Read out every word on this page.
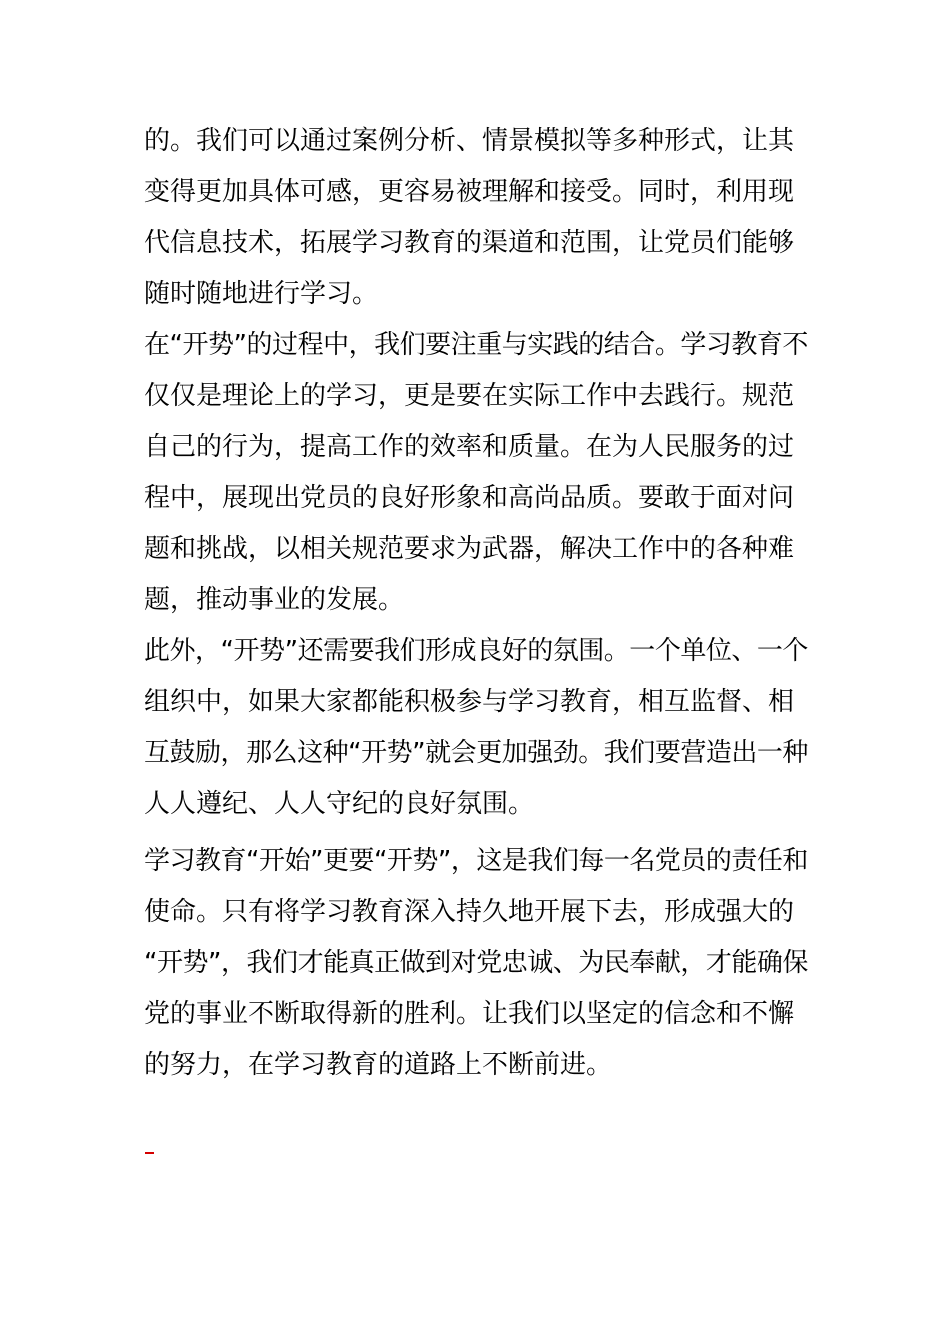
的。我们可以通过案例分析、情景模拟等多种形式，让其
变得更加具体可感，更容易被理解和接受。同时，利用现
代信息技术，拓展学习教育的渠道和范围，让党员们能够
随时随地进行学习。
在“开势”的过程中，我们要注重与实践的结合。学习教育不
仅仅是理论上的学习，更是要在实际工作中去践行。规范
自己的行为，提高工作的效率和质量。在为人民服务的过
程中，展现出党员的良好形象和高尚品质。要敢于面对问
题和挑战，以相关规范要求为武器，解决工作中的各种难
题，推动事业的发展。
此外，“开势”还需要我们形成良好的氛围。一个单位、一个
组织中，如果大家都能积极参与学习教育，相互监督、相
互鼓励，那么这种“开势”就会更加强劲。我们要营造出一种
人人遵纪、人人守纪的良好氛围。
学习教育“开始”更要“开势”，这是我们每一名党员的责任和
使命。只有将学习教育深入持久地开展下去，形成强大的
“开势”，我们才能真正做到对党忠诚、为民奉献，才能确保
党的事业不断取得新的胜利。让我们以坚定的信念和不懈
的努力，在学习教育的道路上不断前进。
